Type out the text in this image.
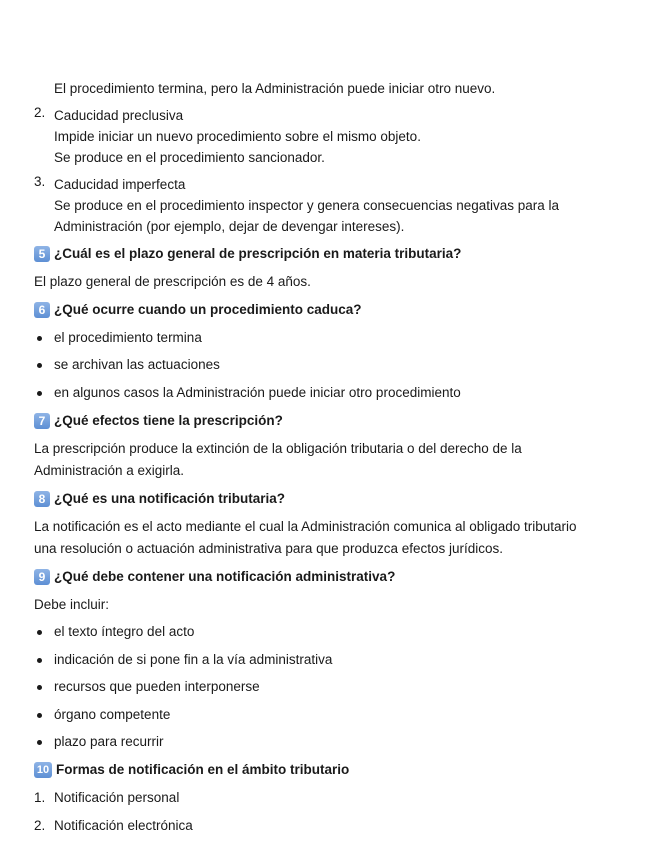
El procedimiento termina, pero la Administración puede iniciar otro nuevo.
2. Caducidad preclusiva
Impide iniciar un nuevo procedimiento sobre el mismo objeto.
Se produce en el procedimiento sancionador.
3. Caducidad imperfecta
Se produce en el procedimiento inspector y genera consecuencias negativas para la
Administración (por ejemplo, dejar de devengar intereses).
5 ¿Cuál es el plazo general de prescripción en materia tributaria?
El plazo general de prescripción es de 4 años.
6 ¿Qué ocurre cuando un procedimiento caduca?
el procedimiento termina
se archivan las actuaciones
en algunos casos la Administración puede iniciar otro procedimiento
7 ¿Qué efectos tiene la prescripción?
La prescripción produce la extinción de la obligación tributaria o del derecho de la
Administración a exigirla.
8 ¿Qué es una notificación tributaria?
La notificación es el acto mediante el cual la Administración comunica al obligado tributario
una resolución o actuación administrativa para que produzca efectos jurídicos.
9 ¿Qué debe contener una notificación administrativa?
Debe incluir:
el texto íntegro del acto
indicación de si pone fin a la vía administrativa
recursos que pueden interponerse
órgano competente
plazo para recurrir
10 Formas de notificación en el ámbito tributario
1. Notificación personal
2. Notificación electrónica
